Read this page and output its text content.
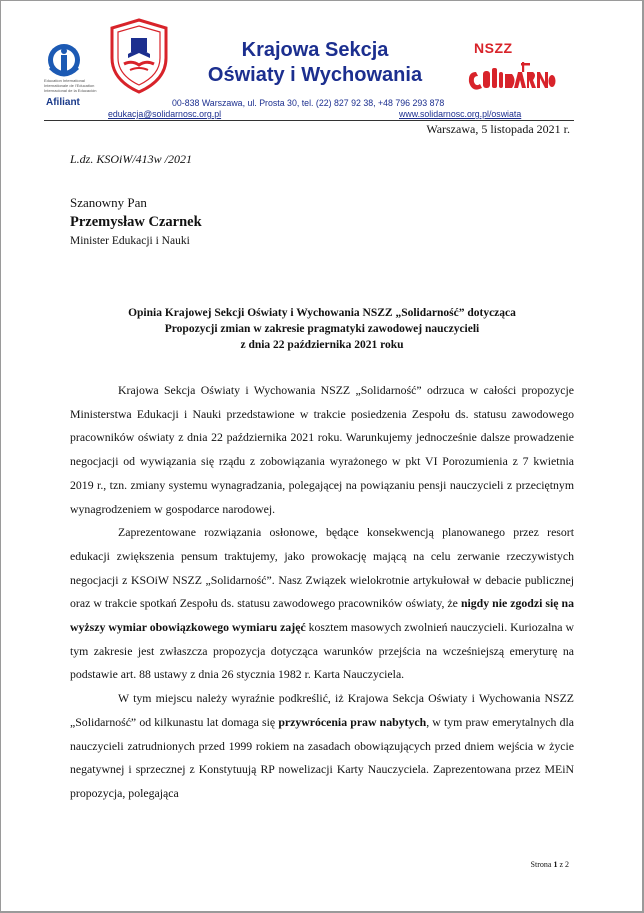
Education International Internationale de l'Education Internacional de la Educación
Afiliant
Krajowa Sekcja
Oświaty i Wychowania
NSZZ
00-838 Warszawa, ul. Prosta 30, tel. (22) 827 92 38, +48 796 293 878
edukacja@solidarnosc.org.pl	www.solidarnosc.org.pl/oswiata
Warszawa, 5 listopada 2021 r.
L.dz. KSOiW/413w /2021
Szanowny Pan
Przemysław Czarnek
Minister Edukacji i Nauki
Opinia Krajowej Sekcji Oświaty i Wychowania NSZZ „Solidarność” dotycząca
Propozycji zmian w zakresie pragmatyki zawodowej nauczycieli
z dnia 22 października 2021 roku

Krajowa Sekcja Oświaty i Wychowania NSZZ „Solidarność” odrzuca w całości propozycje Ministerstwa Edukacji i Nauki przedstawione w trakcie posiedzenia Zespołu ds. statusu zawodowego pracowników oświaty z dnia 22 października 2021 roku. Warunkujemy jednocześnie dalsze prowadzenie negocjacji od wywiązania się rządu z zobowiązania wyrażonego w pkt VI Porozumienia z 7 kwietnia 2019 r., tzn. zmiany systemu wynagradzania, polegającej na powiązaniu pensji nauczycieli z przeciętnym wynagrodzeniem w gospodarce narodowej.

Zaprezentowane rozwiązania osłonowe, będące konsekwencją planowanego przez resort edukacji zwiększenia pensum traktujemy, jako prowokację mającą na celu zerwanie rzeczywistych negocjacji z KSOiW NSZZ „Solidarność”. Nasz Związek wielokrotnie artykułował w debacie publicznej oraz w trakcie spotkań Zespołu ds. statusu zawodowego pracowników oświaty, że nigdy nie zgodzi się na wyższy wymiar obowiązkowego wymiaru zajęć kosztem masowych zwolnień nauczycieli. Kuriozalna w tym zakresie jest zwłaszcza propozycja dotycząca warunków przejścia na wcześniejszą emeryturę na podstawie art. 88 ustawy z dnia 26 stycznia 1982 r. Karta Nauczyciela.

W tym miejscu należy wyraźnie podkreślić, iż Krajowa Sekcja Oświaty i Wychowania NSZZ „Solidarność” od kilkunastu lat domaga się przywrócenia praw nabytych, w tym praw emerytalnych dla nauczycieli zatrudnionych przed 1999 rokiem na zasadach obowiązujących przed dniem wejścia w życie negatywnej i sprzecznej z Konstytuują RP nowelizacji Karty Nauczyciela. Zaprezentowana przez MEiN propozycja, polegająca

Strona 1 z 2
